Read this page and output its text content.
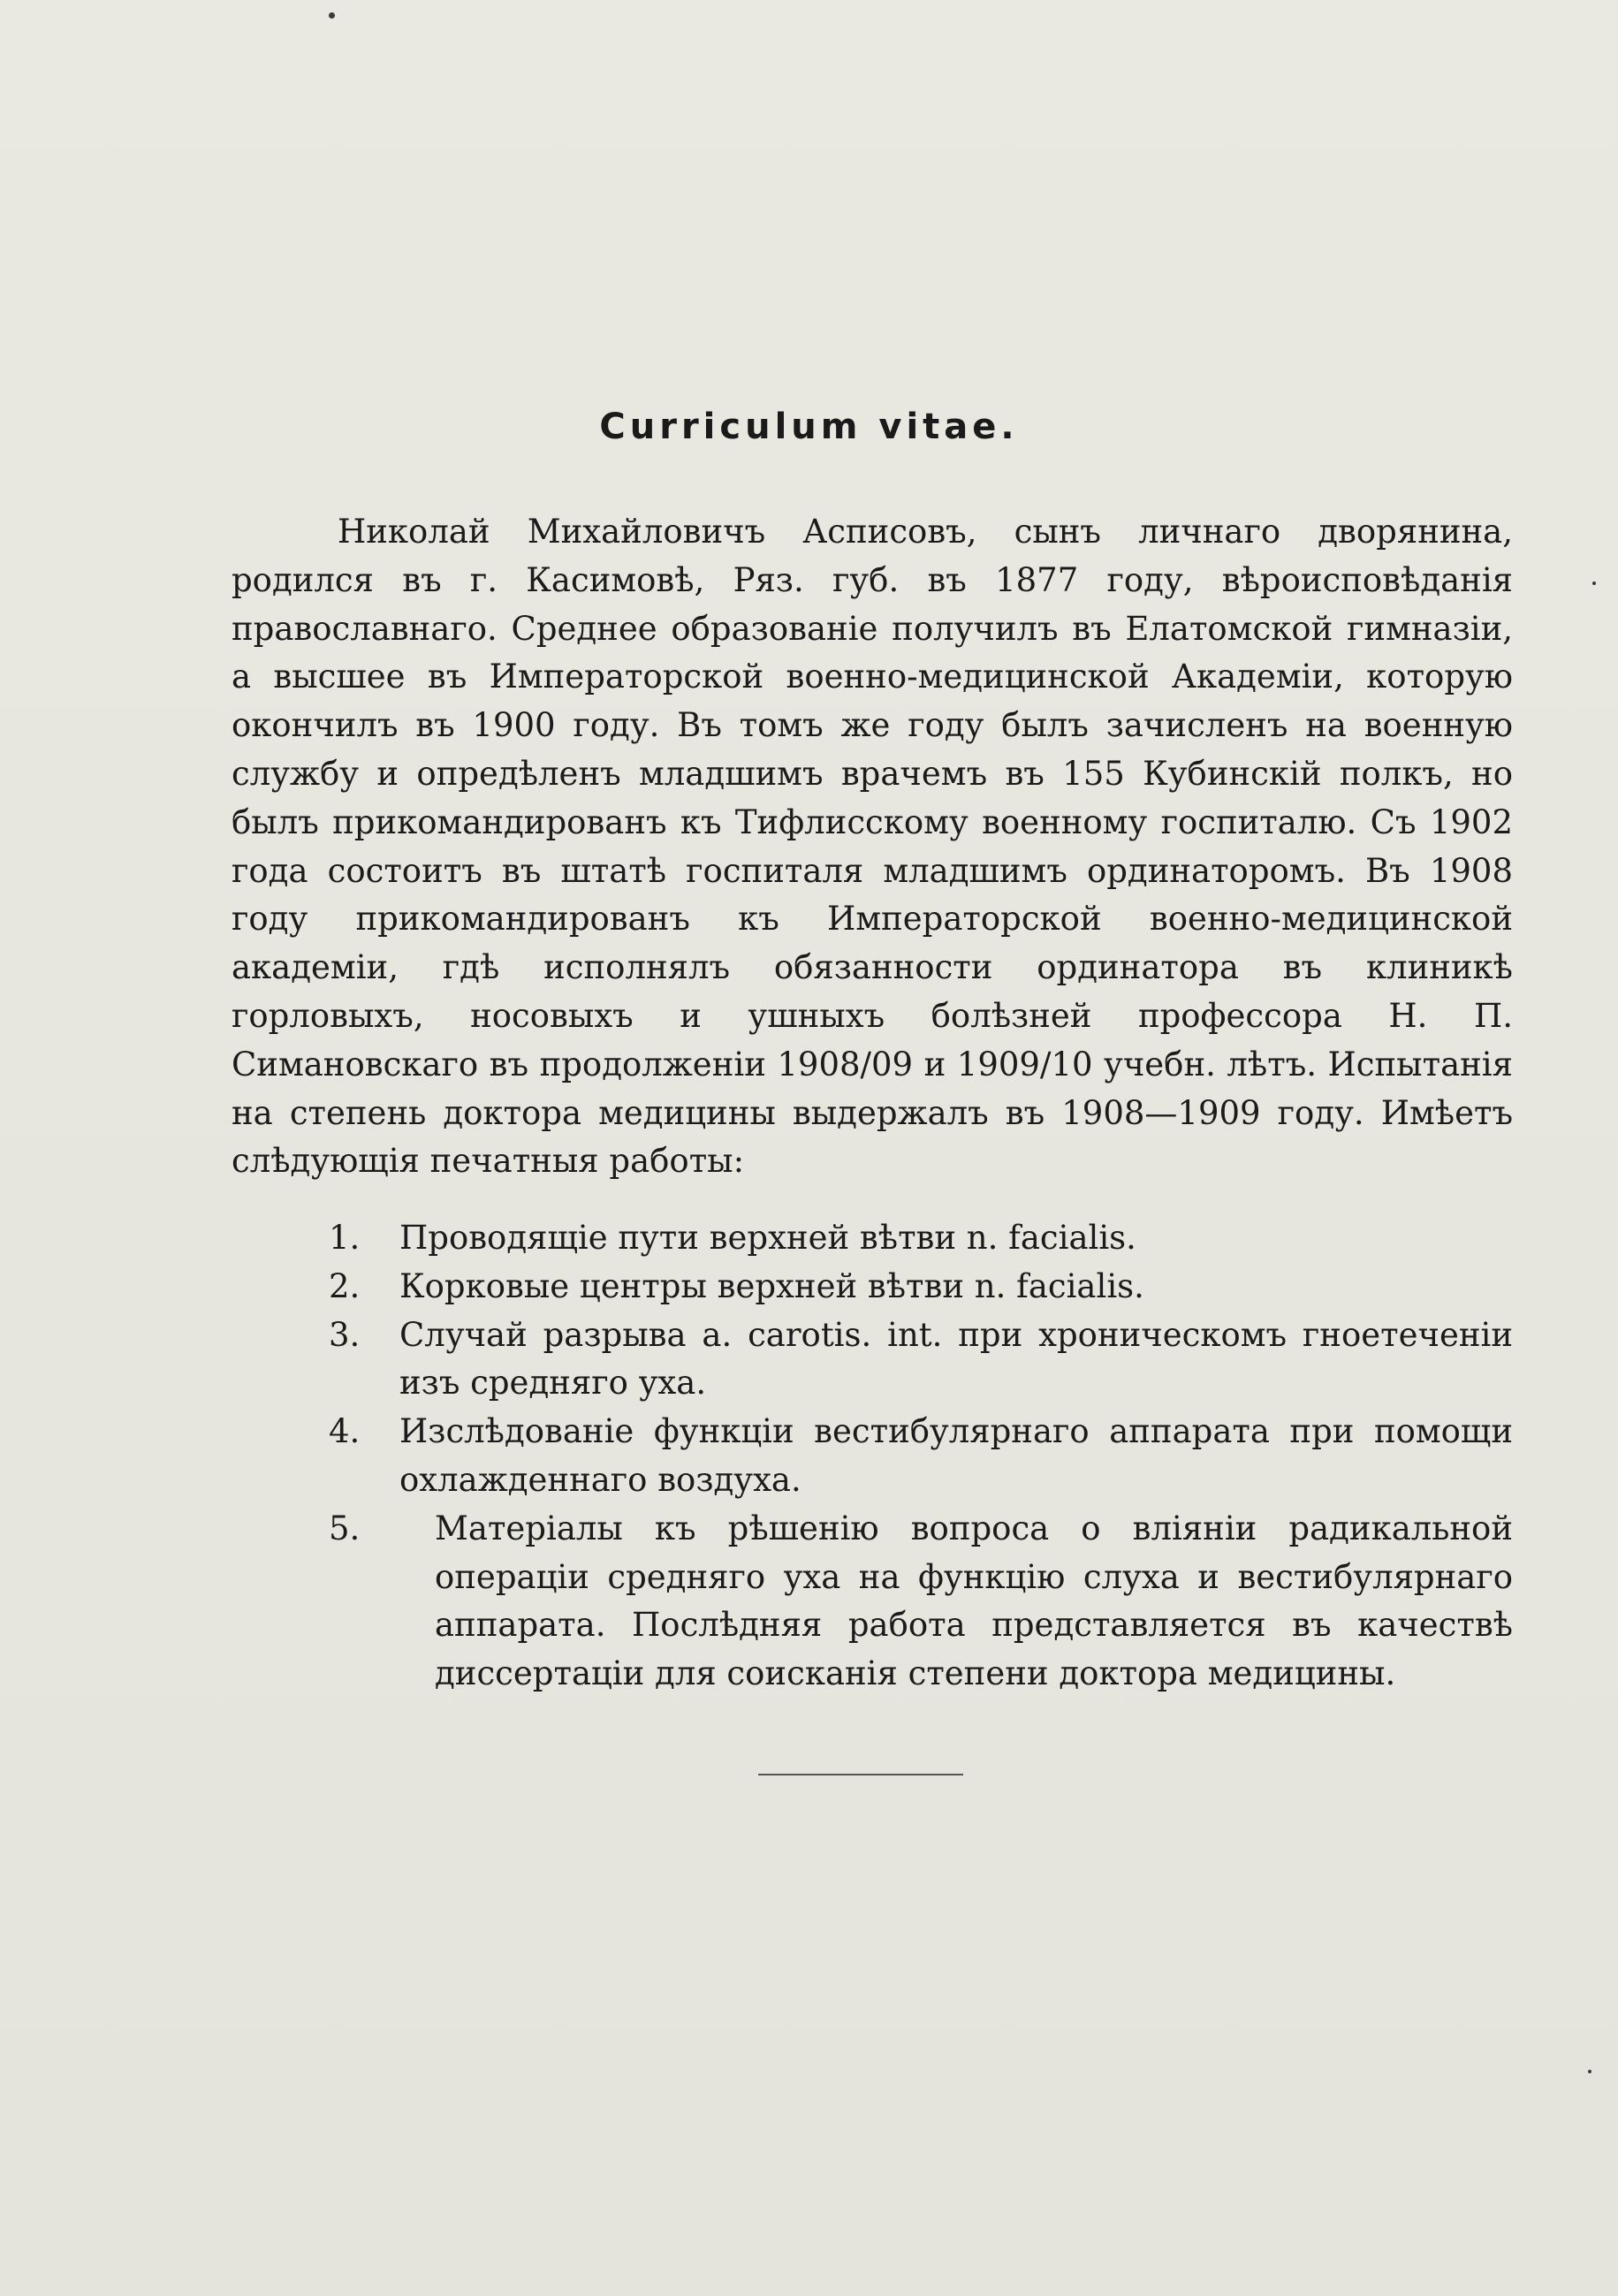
Curriculum vitae.

Николай Михайловичъ Асписовъ, сынъ личнаго дворянина, родился въ г. Касимовѣ, Ряз. губ. въ 1877 году, вѣроисповѣданія православнаго. Среднее образованіе получилъ въ Елатомской гимназіи, а высшее въ Императорской военно-медицинской Академіи, которую окончилъ въ 1900 году. Въ томъ же году былъ зачисленъ на военную службу и опредѣленъ младшимъ врачемъ въ 155 Кубинскій полкъ, но былъ прикомандированъ къ Тифлисскому военному госпиталю. Съ 1902 года состоитъ въ штатѣ госпиталя младшимъ ординаторомъ. Въ 1908 году прикомандированъ къ Императорской военно-медицинской академіи, гдѣ исполнялъ обязанности ординатора въ клиникѣ горловыхъ, носовыхъ и ушныхъ болѣзней профессора Н. П. Симановскаго въ продолженіи 1908/09 и 1909/10 учебн. лѣтъ. Испытанія на степень доктора медицины выдержалъ въ 1908—1909 году. Имѣетъ слѣдующія печатныя работы:

1. Проводящіе пути верхней вѣтви n. facialis.
2. Корковые центры верхней вѣтви n. facialis.
3. Случай разрыва a. carotis. int. при хроническомъ гноетеченіи изъ средняго уха.
4. Изслѣдованіе функціи вестибулярнаго аппарата при помощи охлажденнаго воздуха.
5. Матеріалы къ рѣшенію вопроса о вліяніи радикальной операціи средняго уха на функцію слуха и вестибулярнаго аппарата. Послѣдняя работа представляется въ качествѣ диссертаціи для соисканія степени доктора медицины.
